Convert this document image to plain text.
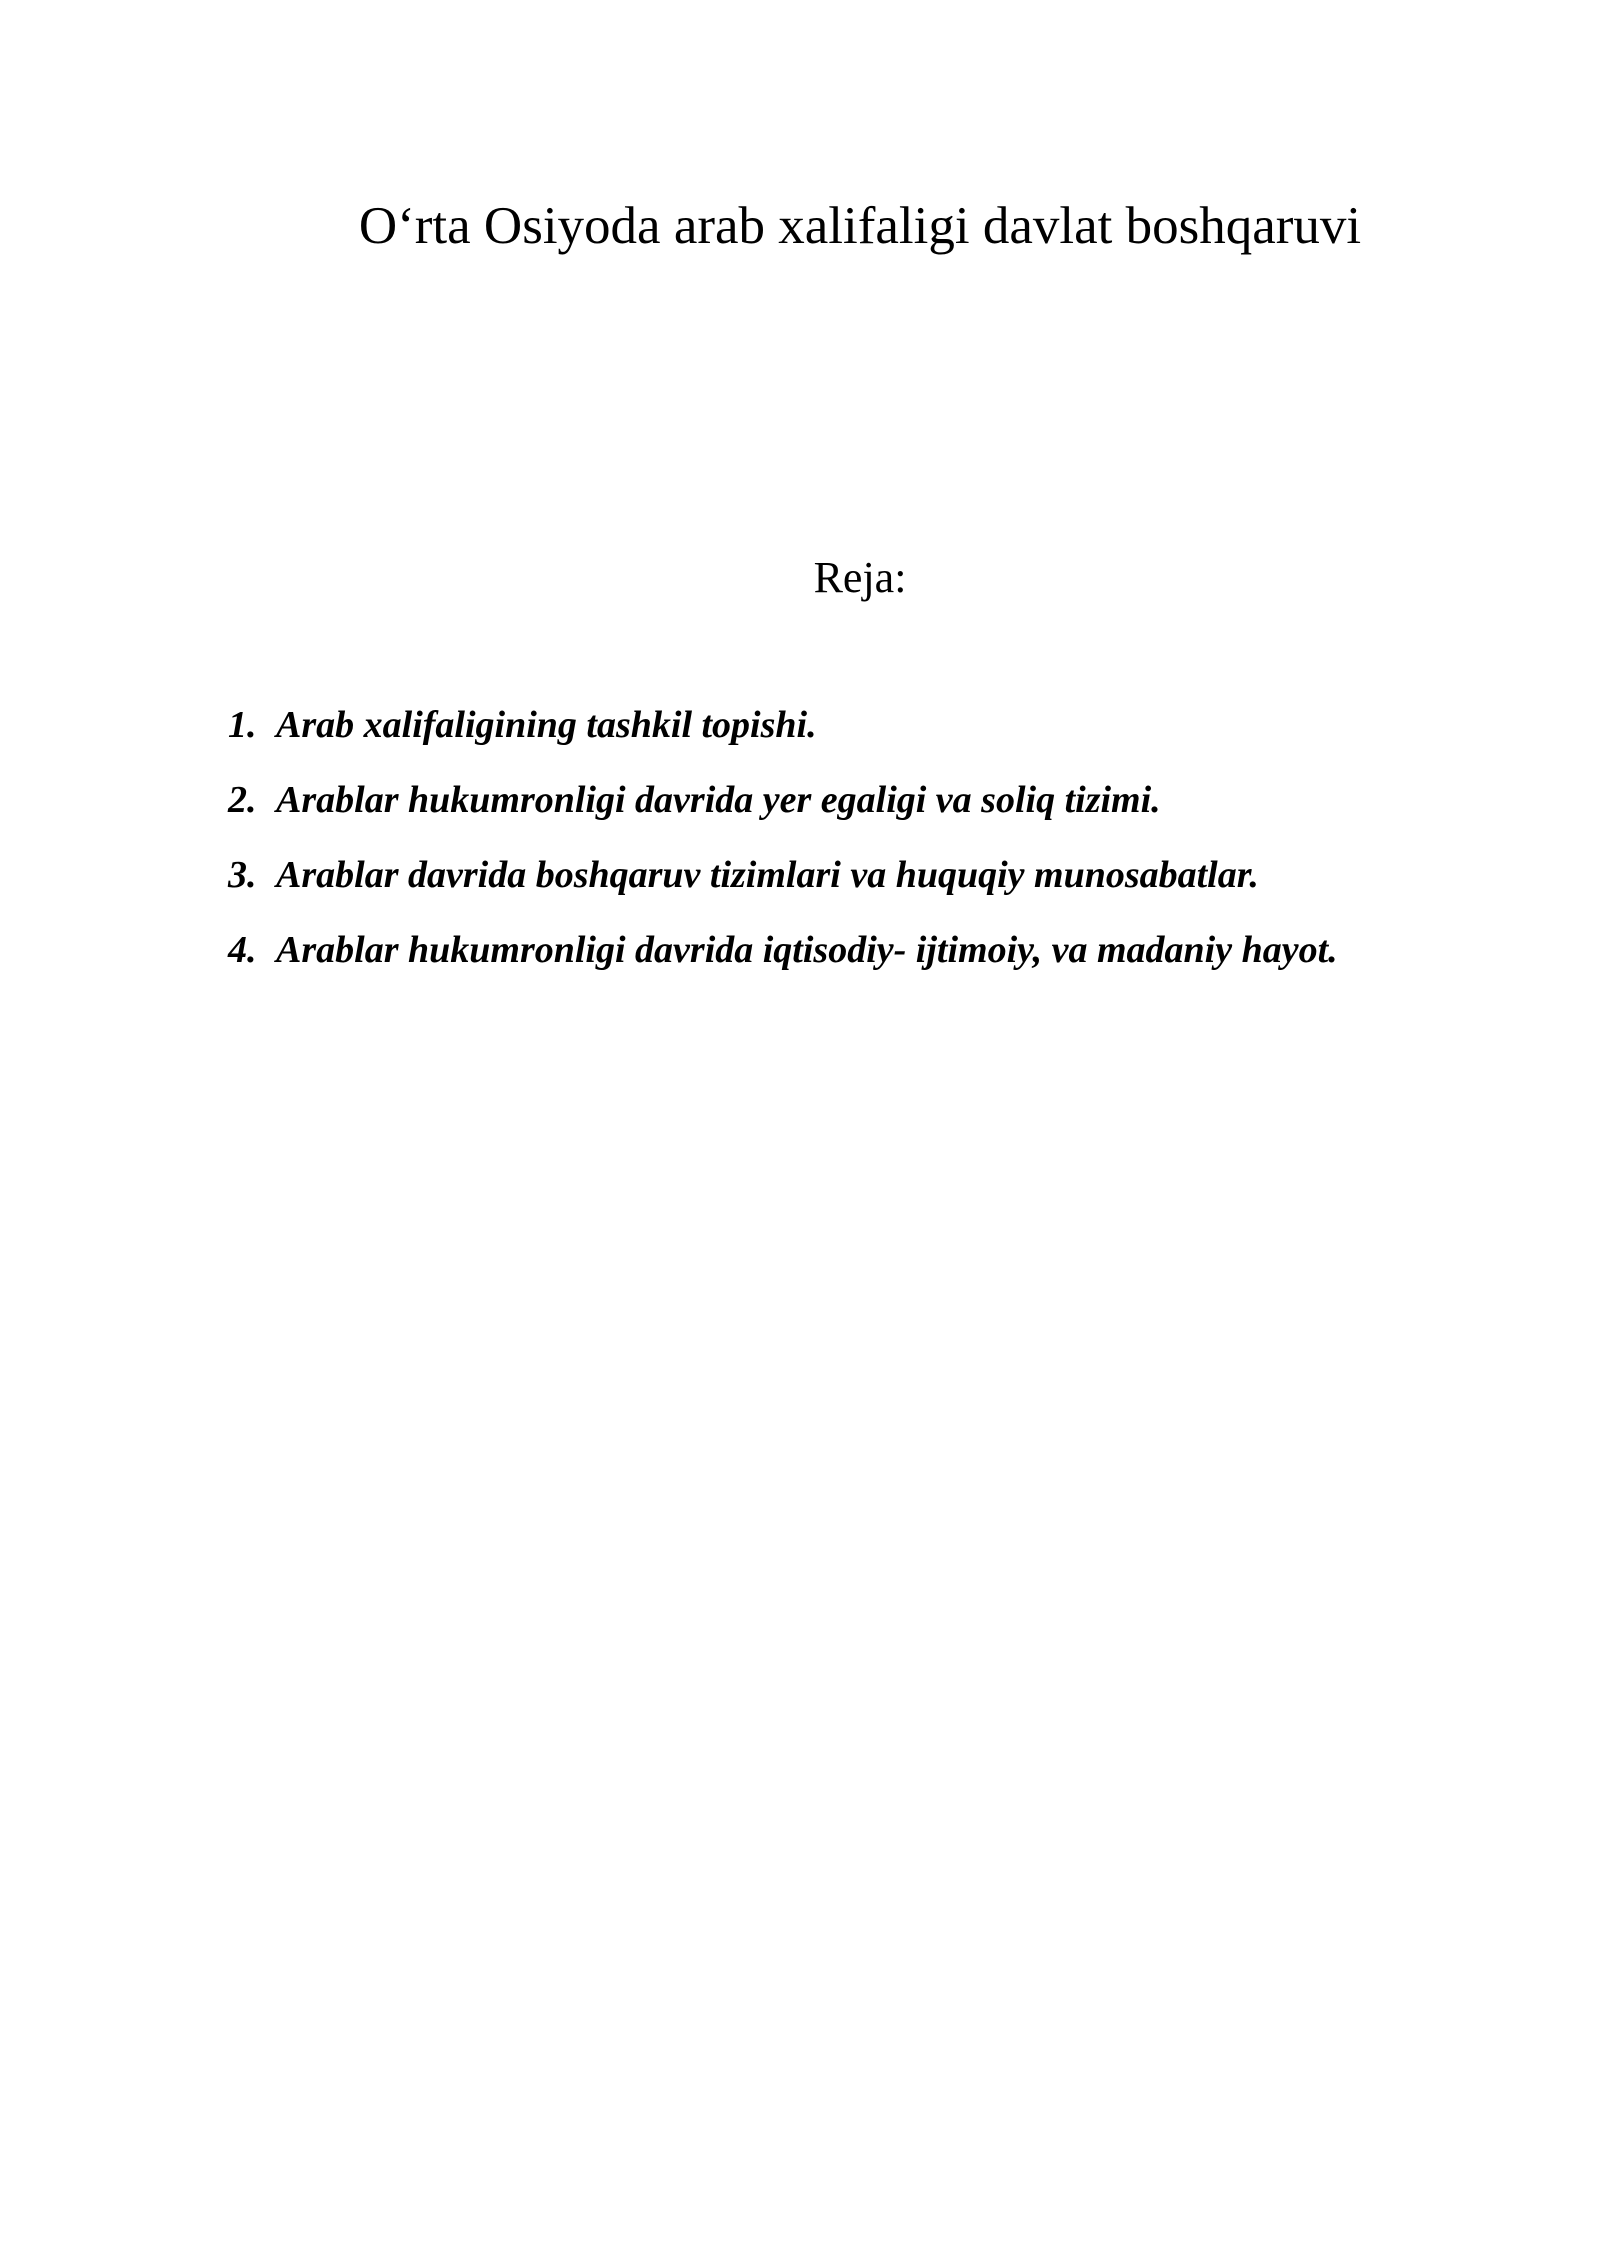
O‘rta Osiyoda arab xalifaligi davlat boshqaruvi
Reja:
1. Arab xalifaligining tashkil topishi.
2. Arablar hukumronligi davrida yer egaligi va soliq tizimi.
3. Arablar davrida boshqaruv tizimlari va huquqiy munosabatlar.
4. Arablar hukumronligi davrida iqtisodiy- ijtimoiy, va madaniy hayot.
